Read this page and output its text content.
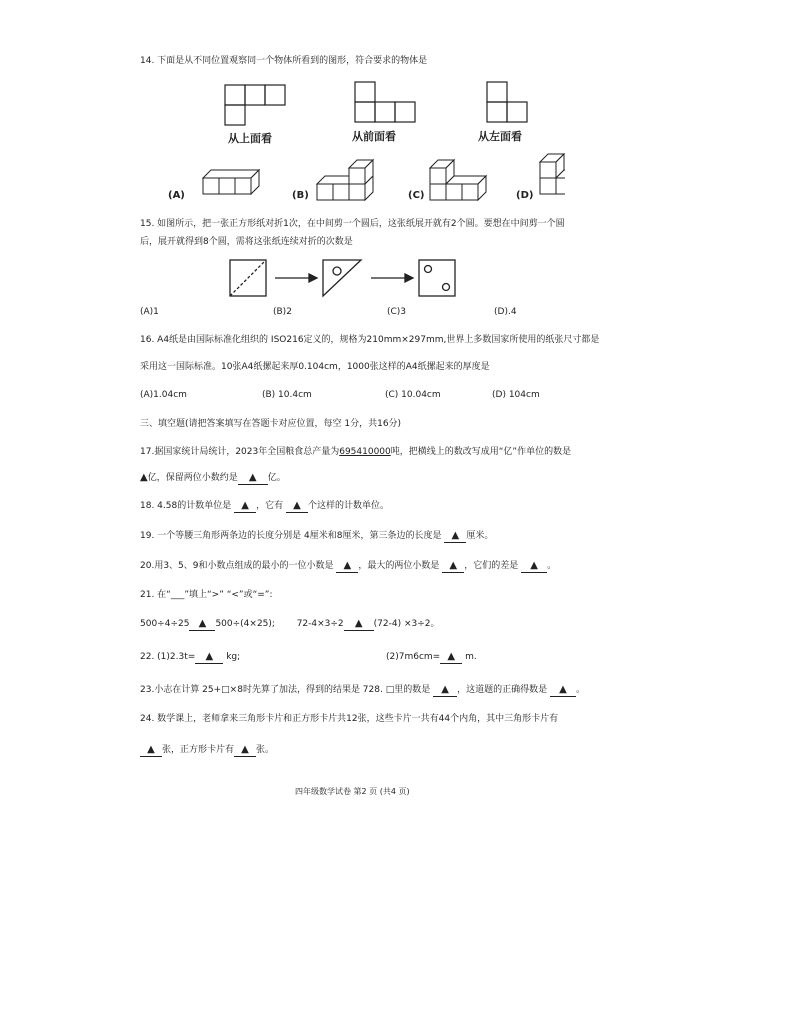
14. 下面是从不同位置观察同一个物体所看到的图形，符合要求的物体是
从上面看	从前面看	从左面看
(A)	(B)	(C)	(D)
15. 如图所示，把一张正方形纸对折1次，在中间剪一个圆后，这张纸展开就有2个圆。要想在中间剪一个圆
后，展开就得到8个圆，需将这张纸连续对折的次数是
(A)1	(B)2	(C)3	(D).4
16. A4纸是由国际标准化组织的 ISO216定义的，规格为210mm×297mm,世界上多数国家所使用的纸张尺寸都是
采用这一国际标准。10张A4纸摞起来厚0.104cm，1000张这样的A4纸摞起来的厚度是
(A)1.04cm	(B) 10.4cm	(C) 10.04cm	(D) 104cm
三、填空题(请把答案填写在答题卡对应位置，每空 1分，共16分)
17.据国家统计局统计，2023年全国粮食总产量为695410000吨，把横线上的数改写成用“亿”作单位的数是
▲亿，保留两位小数约是 ▲ 亿。
18. 4.58的计数单位是 ▲ ，它有 ▲ 个这样的计数单位。
19. 一个等腰三角形两条边的长度分别是 4厘米和8厘米，第三条边的长度是 ▲ 厘米。
20.用3、5、9和小数点组成的最小的一位小数是 ▲ ，最大的两位小数是 ▲ ，它们的差是 ▲ 。
21. 在“___”填上“>” “<”或“=”:
500÷4÷25 ▲ 500÷(4×25); 72-4×3÷2 ▲ (72-4) ×3÷2。
22. (1)2.3t= ▲ kg;	(2)7m6cm= ▲ m.
23.小志在计算 25+□×8时先算了加法，得到的结果是 728. □里的数是 ▲ ，这道题的正确得数是 ▲ 。
24. 数学课上，老师拿来三角形卡片和正方形卡片共12张，这些卡片一共有44个内角，其中三角形卡片有
▲ 张，正方形卡片有 ▲ 张。
四年级数学试卷 第2 页 (共4 页)
